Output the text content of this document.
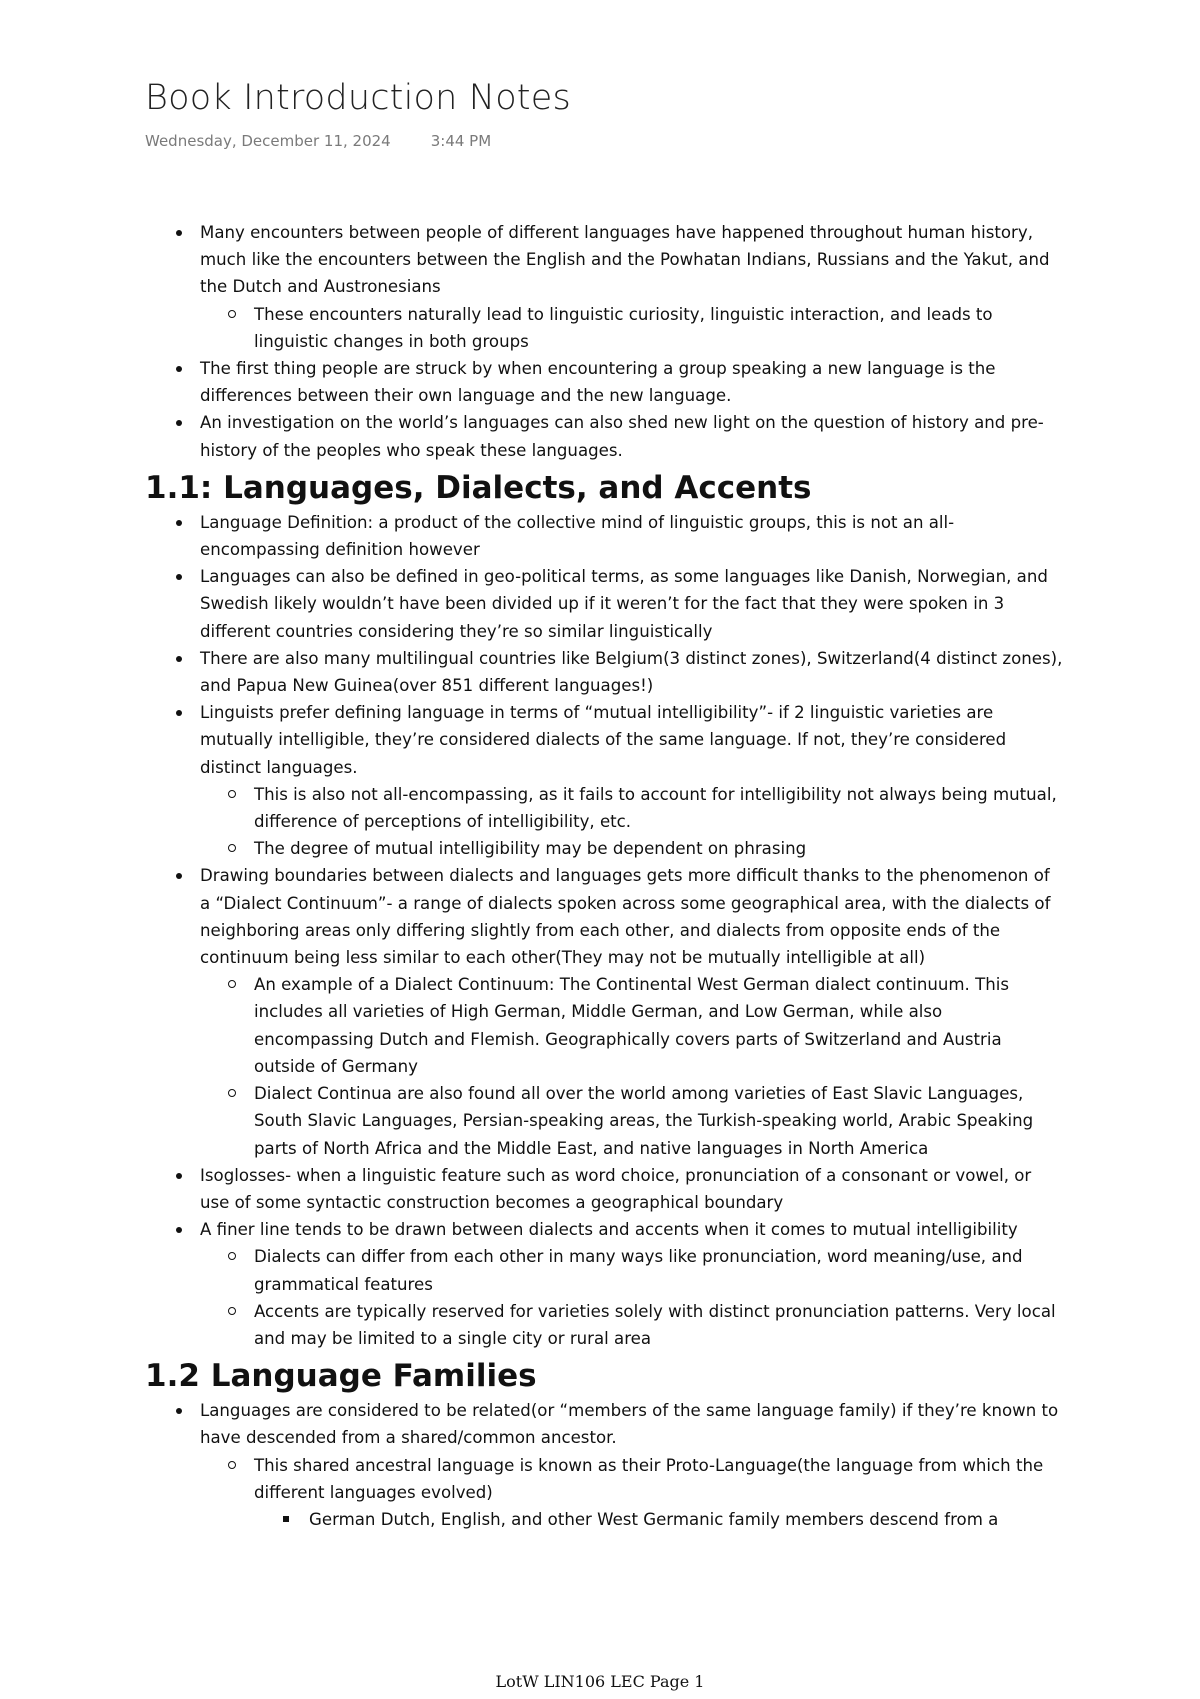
Book Introduction Notes
Wednesday, December 11, 2024	3:44 PM
Many encounters between people of different languages have happened throughout human history, much like the encounters between the English and the Powhatan Indians, Russians and the Yakut, and the Dutch and Austronesians
These encounters naturally lead to linguistic curiosity, linguistic interaction, and leads to linguistic changes in both groups
The first thing people are struck by when encountering a group speaking a new language is the differences between their own language and the new language.
An investigation on the world’s languages can also shed new light on the question of history and pre-history of the peoples who speak these languages.
1.1: Languages, Dialects, and Accents
Language Definition: a product of the collective mind of linguistic groups, this is not an all-encompassing definition however
Languages can also be defined in geo-political terms, as some languages like Danish, Norwegian, and Swedish likely wouldn’t have been divided up if it weren’t for the fact that they were spoken in 3 different countries considering they’re so similar linguistically
There are also many multilingual countries like Belgium(3 distinct zones), Switzerland(4 distinct zones), and Papua New Guinea(over 851 different languages!)
Linguists prefer defining language in terms of “mutual intelligibility”- if 2 linguistic varieties are mutually intelligible, they’re considered dialects of the same language. If not, they’re considered distinct languages.
This is also not all-encompassing, as it fails to account for intelligibility not always being mutual, difference of perceptions of intelligibility, etc.
The degree of mutual intelligibility may be dependent on phrasing
Drawing boundaries between dialects and languages gets more difficult thanks to the phenomenon of a “Dialect Continuum”- a range of dialects spoken across some geographical area, with the dialects of neighboring areas only differing slightly from each other, and dialects from opposite ends of the continuum being less similar to each other(They may not be mutually intelligible at all)
An example of a Dialect Continuum: The Continental West German dialect continuum. This includes all varieties of High German, Middle German, and Low German, while also encompassing Dutch and Flemish. Geographically covers parts of Switzerland and Austria outside of Germany
Dialect Continua are also found all over the world among varieties of East Slavic Languages, South Slavic Languages, Persian-speaking areas, the Turkish-speaking world, Arabic Speaking parts of North Africa and the Middle East, and native languages in North America
Isoglosses- when a linguistic feature such as word choice, pronunciation of a consonant or vowel, or use of some syntactic construction becomes a geographical boundary
A finer line tends to be drawn between dialects and accents when it comes to mutual intelligibility
Dialects can differ from each other in many ways like pronunciation, word meaning/use, and grammatical features
Accents are typically reserved for varieties solely with distinct pronunciation patterns. Very local and may be limited to a single city or rural area
1.2 Language Families
Languages are considered to be related(or “members of the same language family) if they’re known to have descended from a shared/common ancestor.
This shared ancestral language is known as their Proto-Language(the language from which the different languages evolved)
German Dutch, English, and other West Germanic family members descend from a
LotW LIN106 LEC Page 1
